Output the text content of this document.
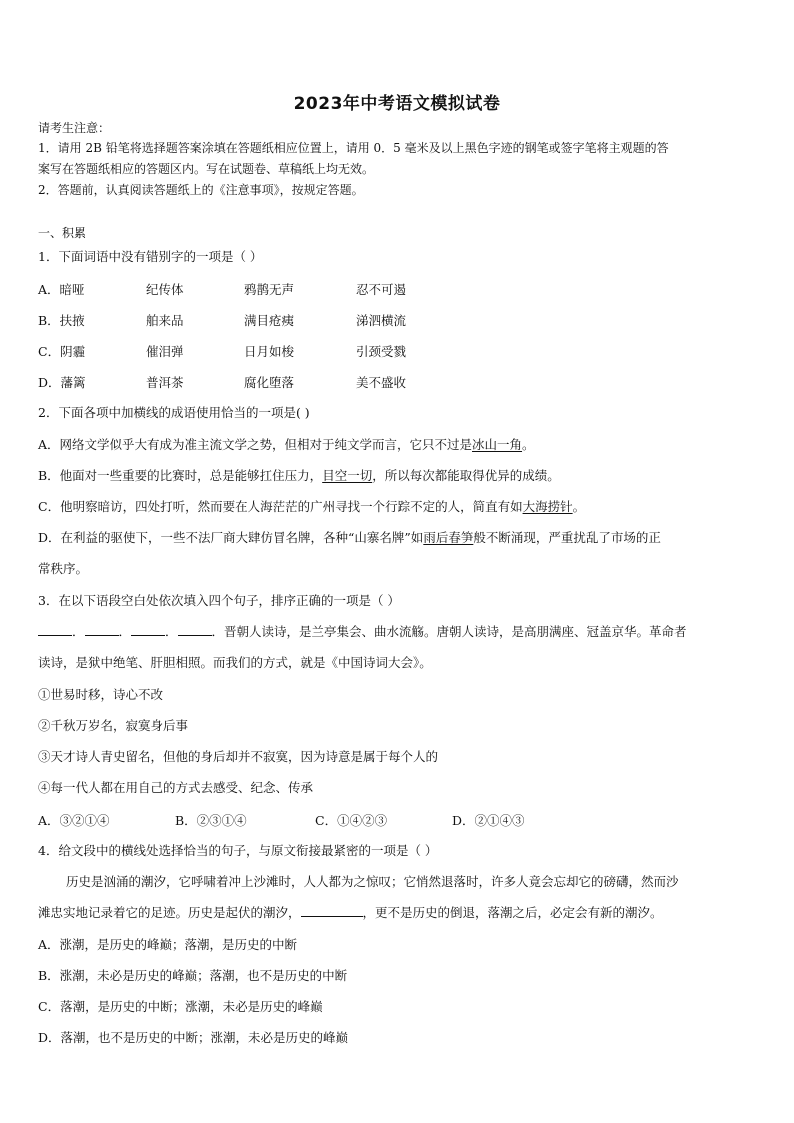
2023年中考语文模拟试卷
请考生注意：
1．请用 2B 铅笔将选择题答案涂填在答题纸相应位置上，请用 0．5 毫米及以上黑色字迹的钢笔或签字笔将主观题的答
案写在答题纸相应的答题区内。写在试题卷、草稿纸上均无效。
2．答题前，认真阅读答题纸上的《注意事项》，按规定答题。
一、积累
1．下面词语中没有错别字的一项是（ ）
A．暗哑	纪传体	鸦鹊无声	忍不可遏
B．扶掖	舶来品	满目疮痍	涕泗横流
C．阴霾	催泪弹	日月如梭	引颈受戮
D．藩篱	普洱茶	腐化堕落	美不盛收
2．下面各项中加横线的成语使用恰当的一项是( )
A．网络文学似乎大有成为准主流文学之势，但相对于纯文学而言，它只不过是冰山一角。
B．他面对一些重要的比赛时，总是能够扛住压力，目空一切，所以每次都能取得优异的成绩。
C．他明察暗访，四处打听，然而要在人海茫茫的广州寻找一个行踪不定的人，简直有如大海捞针。
D．在利益的驱使下，一些不法厂商大肆仿冒名牌，各种“山寨名牌”如雨后春笋般不断涌现，严重扰乱了市场的正
常秩序。
3．在以下语段空白处依次填入四个句子，排序正确的一项是（ ）
．	．	．	．晋朝人读诗，是兰亭集会、曲水流觞。唐朝人读诗，是高朋满座、冠盖京华。革命者
读诗，是狱中绝笔、肝胆相照。而我们的方式，就是《中国诗词大会》。
①世易时移，诗心不改
②千秋万岁名，寂寞身后事
③天才诗人青史留名，但他的身后却并不寂寞，因为诗意是属于每个人的
④每一代人都在用自己的方式去感受、纪念、传承
A．③②①④	B．②③①④	C．①④②③	D．②①④③
4．给文段中的横线处选择恰当的句子，与原文衔接最紧密的一项是（ ）
历史是汹涌的潮汐，它呼啸着冲上沙滩时，人人都为之惊叹；它悄然退落时，许多人竟会忘却它的磅礴，然而沙
滩忠实地记录着它的足迹。历史是起伏的潮汐，	，更不是历史的倒退，落潮之后，必定会有新的潮汐。
A．涨潮，是历史的峰巅；落潮，是历史的中断
B．涨潮，未必是历史的峰巅；落潮，也不是历史的中断
C．落潮，是历史的中断；涨潮，未必是历史的峰巅
D．落潮，也不是历史的中断；涨潮，未必是历史的峰巅
